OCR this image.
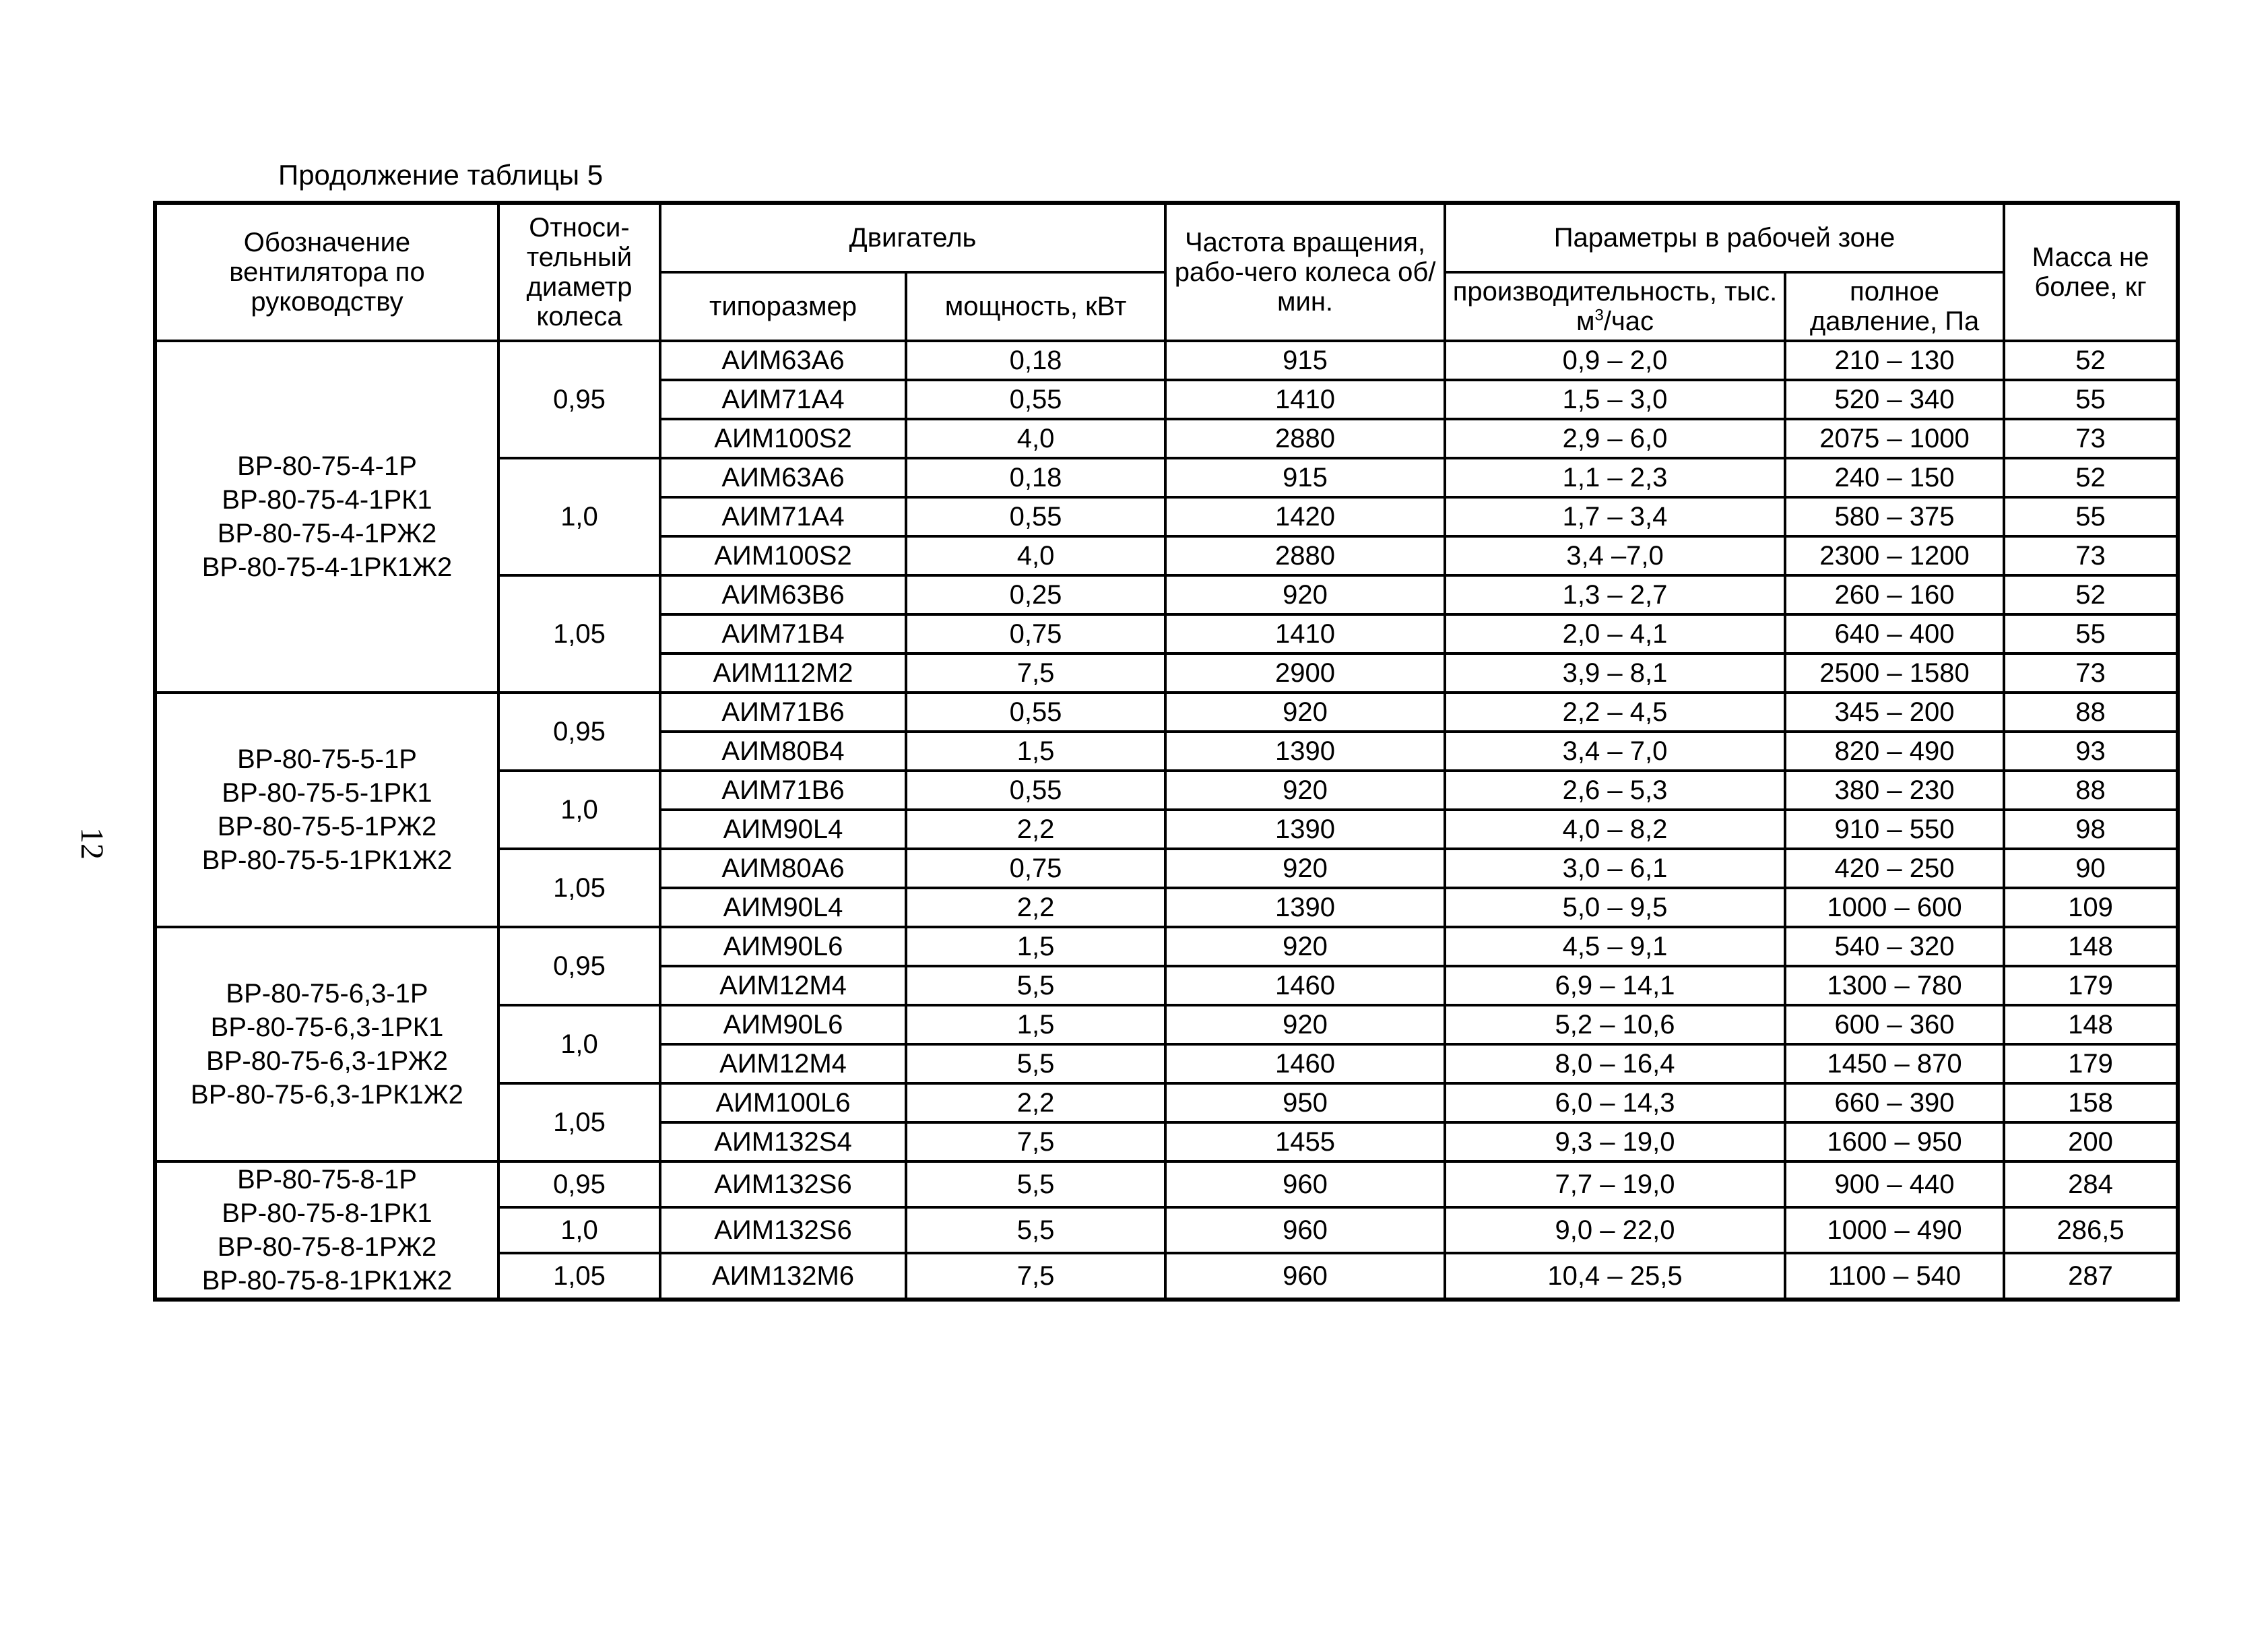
Продолжение таблицы 5
12
Обозначение вентилятора по руководству	Относи-тельный диаметр колеса	Двигатель		Частота вращения, рабо-чего колеса об/мин.	Параметры в рабочей зоне		Масса не более, кг
		типоразмер	мощность, кВт		производительность, тыс. $м^3$/час	полное давление, Па	

ВР-80-75-4-1Р
ВР-80-75-4-1РК1
ВР-80-75-4-1РЖ2
ВР-80-75-4-1РК1Ж2	0,95	АИМ63А6	0,18	915	0,9 – 2,0	210 – 130	52
		АИМ71А4	0,55	1410	1,5 – 3,0	520 – 340	55
		АИМ100S2	4,0	2880	2,9 – 6,0	2075 – 1000	73
	1,0	АИМ63А6	0,18	915	1,1 – 2,3	240 – 150	52
		АИМ71А4	0,55	1420	1,7 – 3,4	580 – 375	55
		АИМ100S2	4,0	2880	3,4 –7,0	2300 – 1200	73
	1,05	АИМ63В6	0,25	920	1,3 – 2,7	260 – 160	52
		АИМ71В4	0,75	1410	2,0 – 4,1	640 – 400	55
		АИМ112М2	7,5	2900	3,9 – 8,1	2500 – 1580	73

ВР-80-75-5-1Р
ВР-80-75-5-1РК1
ВР-80-75-5-1РЖ2
ВР-80-75-5-1РК1Ж2	0,95	АИМ71В6	0,55	920	2,2 – 4,5	345 – 200	88
		АИМ80В4	1,5	1390	3,4 – 7,0	820 – 490	93
	1,0	АИМ71В6	0,55	920	2,6 – 5,3	380 – 230	88
		АИМ90L4	2,2	1390	4,0 – 8,2	910 – 550	98
	1,05	АИМ80А6	0,75	920	3,0 – 6,1	420 – 250	90
		АИМ90L4	2,2	1390	5,0 – 9,5	1000 – 600	109

ВР-80-75-6,3-1Р
ВР-80-75-6,3-1РК1
ВР-80-75-6,3-1РЖ2
ВР-80-75-6,3-1РК1Ж2	0,95	АИМ90L6	1,5	920	4,5 – 9,1	540 – 320	148
		АИМ12М4	5,5	1460	6,9 – 14,1	1300 – 780	179
	1,0	АИМ90L6	1,5	920	5,2 – 10,6	600 – 360	148
		АИМ12М4	5,5	1460	8,0 – 16,4	1450 – 870	179
	1,05	АИМ100L6	2,2	950	6,0 – 14,3	660 – 390	158
		АИМ132S4	7,5	1455	9,3 – 19,0	1600 – 950	200

ВР-80-75-8-1Р
ВР-80-75-8-1РК1
ВР-80-75-8-1РЖ2
ВР-80-75-8-1РК1Ж2	0,95	АИМ132S6	5,5	960	7,7 – 19,0	900 – 440	284
	1,0	АИМ132S6	5,5	960	9,0 – 22,0	1000 – 490	286,5
	1,05	АИМ132М6	7,5	960	10,4 – 25,5	1100 – 540	287
